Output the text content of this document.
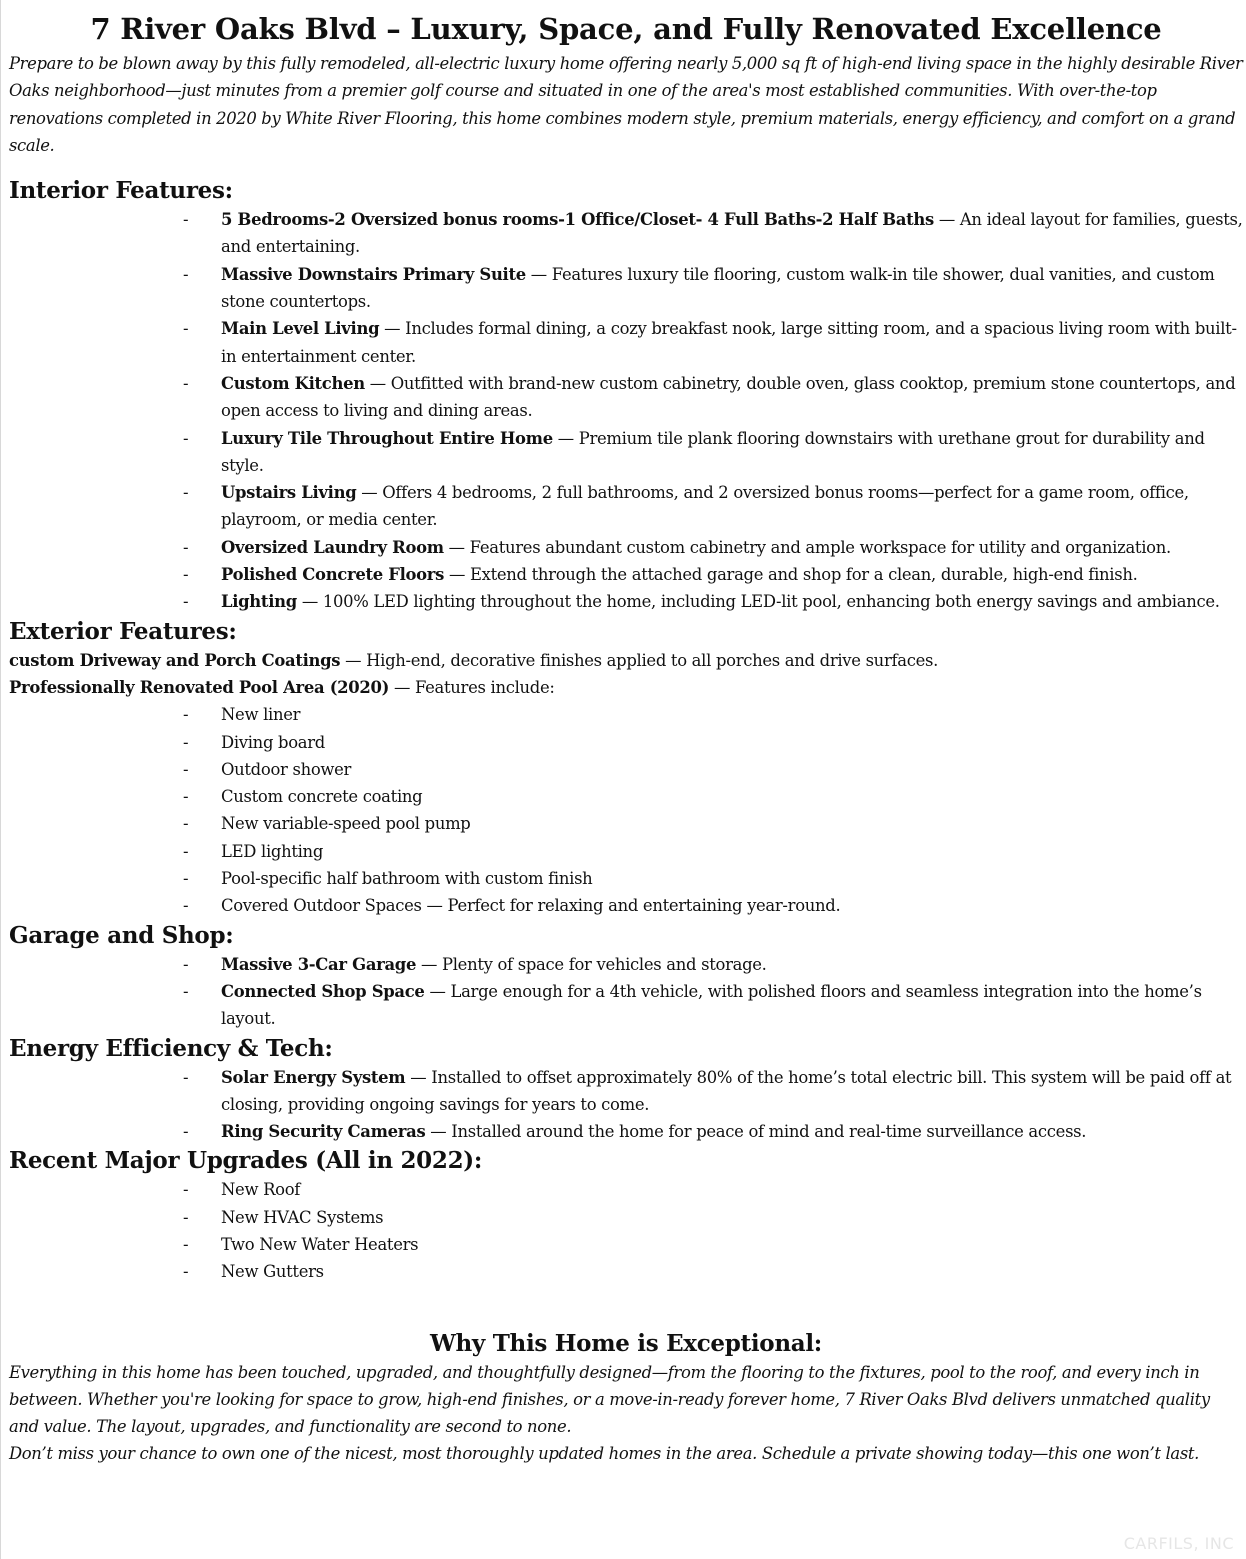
7 River Oaks Blvd – Luxury, Space, and Fully Renovated Excellence

Prepare to be blown away by this fully remodeled, all-electric luxury home offering nearly 5,000 sq ft of high-end living space in the highly desirable River Oaks neighborhood—just minutes from a premier golf course and situated in one of the area's most established communities. With over-the-top renovations completed in 2020 by White River Flooring, this home combines modern style, premium materials, energy efficiency, and comfort on a grand scale.

Interior Features:
- 5 Bedrooms-2 Oversized bonus rooms-1 Office/Closet- 4 Full Baths-2 Half Baths — An ideal layout for families, guests, and entertaining.
- Massive Downstairs Primary Suite — Features luxury tile flooring, custom walk-in tile shower, dual vanities, and custom stone countertops.
- Main Level Living — Includes formal dining, a cozy breakfast nook, large sitting room, and a spacious living room with built-in entertainment center.
- Custom Kitchen — Outfitted with brand-new custom cabinetry, double oven, glass cooktop, premium stone countertops, and open access to living and dining areas.
- Luxury Tile Throughout Entire Home — Premium tile plank flooring downstairs with urethane grout for durability and style.
- Upstairs Living — Offers 4 bedrooms, 2 full bathrooms, and 2 oversized bonus rooms—perfect for a game room, office, playroom, or media center.
- Oversized Laundry Room — Features abundant custom cabinetry and ample workspace for utility and organization.
- Polished Concrete Floors — Extend through the attached garage and shop for a clean, durable, high-end finish.
- Lighting — 100% LED lighting throughout the home, including LED-lit pool, enhancing both energy savings and ambiance.
Exterior Features:

custom Driveway and Porch Coatings — High-end, decorative finishes applied to all porches and drive surfaces.

Professionally Renovated Pool Area (2020) — Features include:

- New liner
- Diving board
- Outdoor shower
- Custom concrete coating
- New variable-speed pool pump
- LED lighting
- Pool-specific half bathroom with custom finish
- Covered Outdoor Spaces — Perfect for relaxing and entertaining year-round.
Garage and Shop:
- Massive 3-Car Garage — Plenty of space for vehicles and storage.
- Connected Shop Space — Large enough for a 4th vehicle, with polished floors and seamless integration into the home’s layout.
Energy Efficiency & Tech:
- Solar Energy System — Installed to offset approximately 80% of the home’s total electric bill. This system will be paid off at closing, providing ongoing savings for years to come.
- Ring Security Cameras — Installed around the home for peace of mind and real-time surveillance access.
Recent Major Upgrades (All in 2022):
- New Roof
- New HVAC Systems
- Two New Water Heaters
- New Gutters
Why This Home is Exceptional:

Everything in this home has been touched, upgraded, and thoughtfully designed—from the flooring to the fixtures, pool to the roof, and every inch in between. Whether you're looking for space to grow, high-end finishes, or a move-in-ready forever home, 7 River Oaks Blvd delivers unmatched quality and value. The layout, upgrades, and functionality are second to none.

Don’t miss your chance to own one of the nicest, most thoroughly updated homes in the area. Schedule a private showing today—this one won’t last.

CARFILS, INC
